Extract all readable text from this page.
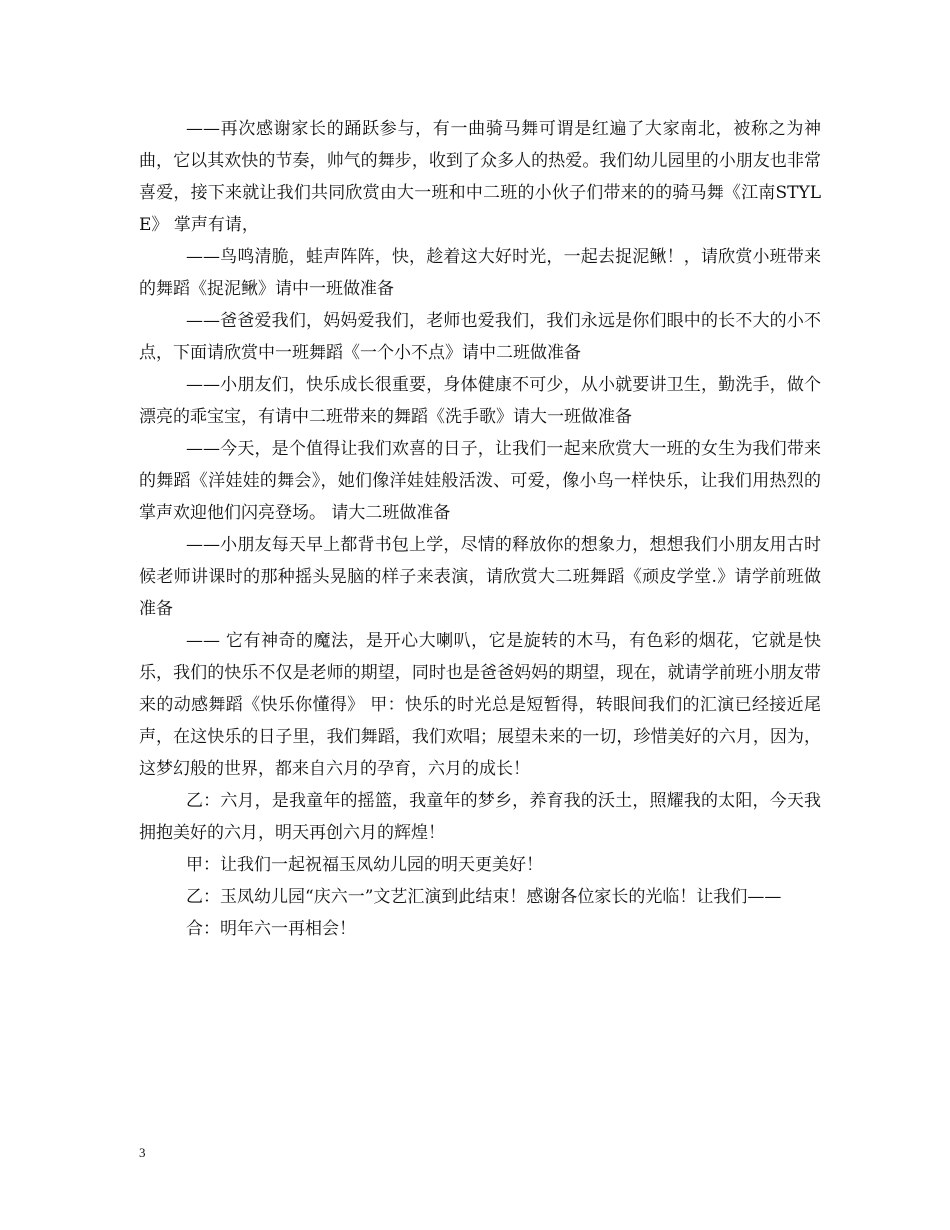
——再次感谢家长的踊跃参与，有一曲骑马舞可谓是红遍了大家南北，被称之为神曲，它以其欢快的节奏，帅气的舞步，收到了众多人的热爱。我们幼儿园里的小朋友也非常喜爱，接下来就让我们共同欣赏由大一班和中二班的小伙子们带来的的骑马舞《江南STYLE》 掌声有请，

——鸟鸣清脆，蛙声阵阵，快，趁着这大好时光，一起去捉泥鳅！，请欣赏小班带来的舞蹈《捉泥鳅》请中一班做准备

——爸爸爱我们，妈妈爱我们，老师也爱我们，我们永远是你们眼中的长不大的小不点，下面请欣赏中一班舞蹈《一个小不点》请中二班做准备

——小朋友们，快乐成长很重要，身体健康不可少，从小就要讲卫生，勤洗手，做个漂亮的乖宝宝，有请中二班带来的舞蹈《洗手歌》请大一班做准备

——今天，是个值得让我们欢喜的日子，让我们一起来欣赏大一班的女生为我们带来的舞蹈《洋娃娃的舞会》，她们像洋娃娃般活泼、可爱，像小鸟一样快乐，让我们用热烈的掌声欢迎他们闪亮登场。 请大二班做准备

——小朋友每天早上都背书包上学，尽情的释放你的想象力，想想我们小朋友用古时候老师讲课时的那种摇头晃脑的样子来表演，请欣赏大二班舞蹈《顽皮学堂.》请学前班做准备

—— 它有神奇的魔法，是开心大喇叭，它是旋转的木马，有色彩的烟花，它就是快乐，我们的快乐不仅是老师的期望，同时也是爸爸妈妈的期望，现在，就请学前班小朋友带来的动感舞蹈《快乐你懂得》 甲：快乐的时光总是短暂得，转眼间我们的汇演已经接近尾声，在这快乐的日子里，我们舞蹈，我们欢唱；展望未来的一切，珍惜美好的六月，因为，这梦幻般的世界，都来自六月的孕育，六月的成长！

乙：六月，是我童年的摇篮，我童年的梦乡，养育我的沃土，照耀我的太阳，今天我拥抱美好的六月，明天再创六月的辉煌！

甲：让我们一起祝福玉凤幼儿园的明天更美好！

乙：玉凤幼儿园“庆六一”文艺汇演到此结束！感谢各位家长的光临！让我们——

合：明年六一再相会！

3
